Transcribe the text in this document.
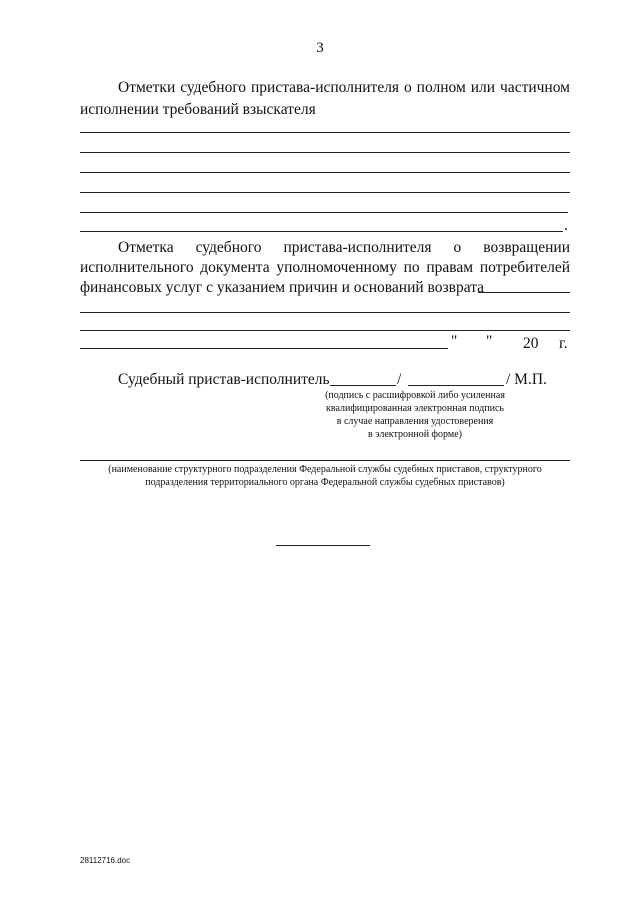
3
Отметки судебного пристава-исполнителя о полном или частичном
исполнении требований взыскателя
.
Отметка судебного пристава-исполнителя о возвращении
исполнительного документа уполномоченному по правам потребителей
финансовых услуг с указанием причин и оснований возврата
" " 20 г.
Судебный пристав-исполнитель	/	/ М.П.
(подпись с расшифровкой либо усиленная
квалифицированная электронная подпись
в случае направления удостоверения
в электронной форме)
(наименование структурного подразделения Федеральной службы судебных приставов, структурного
подразделения территориального органа Федеральной службы судебных приставов)
28112716.doc
